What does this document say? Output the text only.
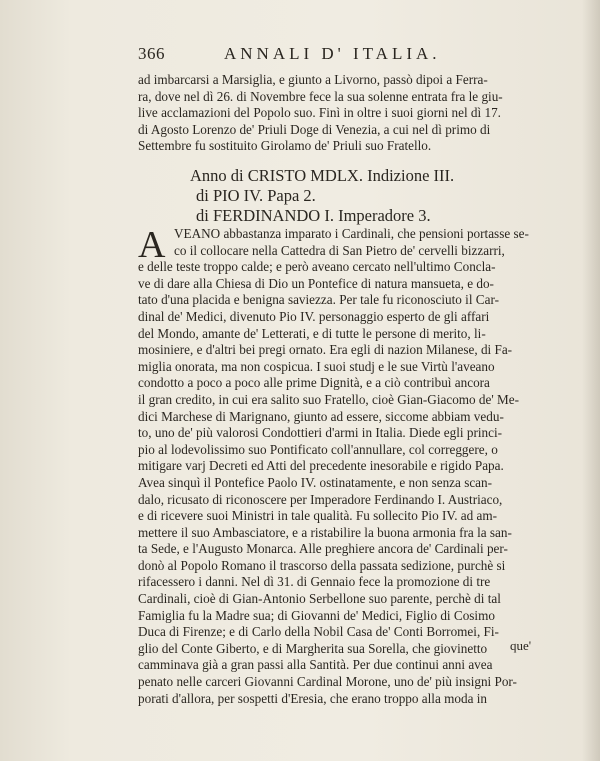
366	ANNALI D' ITALIA.
ad imbarcarsi a Marsiglia, e giunto a Livorno, passò dipoi a Ferra-
ra, dove nel dì 26. di Novembre fece la sua solenne entrata fra le giu-
live acclamazioni del Popolo suo. Finì in oltre i suoi giorni nel dì 17.
di Agosto Lorenzo de' Priuli Doge di Venezia, a cui nel dì primo di
Settembre fu sostituito Girolamo de' Priuli suo Fratello.
Anno di CRISTO MDLX. Indizione III.
di PIO IV. Papa 2.
di FERDINANDO I. Imperadore 3.
A VEANO abbastanza imparato i Cardinali, che pensioni portasse se-
co il collocare nella Cattedra di San Pietro de' cervelli bizzarri,
e delle teste troppo calde; e però aveano cercato nell'ultimo Concla-
ve di dare alla Chiesa di Dio un Pontefice di natura mansueta, e do-
tato d'una placida e benigna saviezza. Per tale fu riconosciuto il Car-
dinal de' Medici, divenuto Pio IV. personaggio esperto de gli affari
del Mondo, amante de' Letterati, e di tutte le persone di merito, li-
mosiniere, e d'altri bei pregi ornato. Era egli di nazion Milanese, di Fa-
miglia onorata, ma non cospicua. I suoi studj e le sue Virtù l'aveano
condotto a poco a poco alle prime Dignità, e a ciò contribuì ancora
il gran credito, in cui era salito suo Fratello, cioè Gian-Giacomo de' Me-
dici Marchese di Marignano, giunto ad essere, siccome abbiam vedu-
to, uno de' più valorosi Condottieri d'armi in Italia. Diede egli princi-
pio al lodevolissimo suo Pontificato coll'annullare, col correggere, o
mitigare varj Decreti ed Atti del precedente inesorabile e rigido Papa.
Avea sinquì il Pontefice Paolo IV. ostinatamente, e non senza scan-
dalo, ricusato di riconoscere per Imperadore Ferdinando I. Austriaco,
e di ricevere suoi Ministri in tale qualità. Fu sollecito Pio IV. ad am-
mettere il suo Ambasciatore, e a ristabilire la buona armonia fra la san-
ta Sede, e l'Augusto Monarca. Alle preghiere ancora de' Cardinali per-
donò al Popolo Romano il trascorso della passata sedizione, purchè si
rifacessero i danni. Nel dì 31. di Gennaio fece la promozione di tre
Cardinali, cioè di Gian-Antonio Serbellone suo parente, perchè di tal
Famiglia fu la Madre sua; di Giovanni de' Medici, Figlio di Cosimo
Duca di Firenze; e di Carlo della Nobil Casa de' Conti Borromei, Fi-
glio del Conte Giberto, e di Margherita sua Sorella, che giovinetto
camminava già a gran passi alla Santità. Per due continui anni avea
penato nelle carceri Giovanni Cardinal Morone, uno de' più insigni Por-
porati d'allora, per sospetti d'Eresia, che erano troppo alla moda in
que'
